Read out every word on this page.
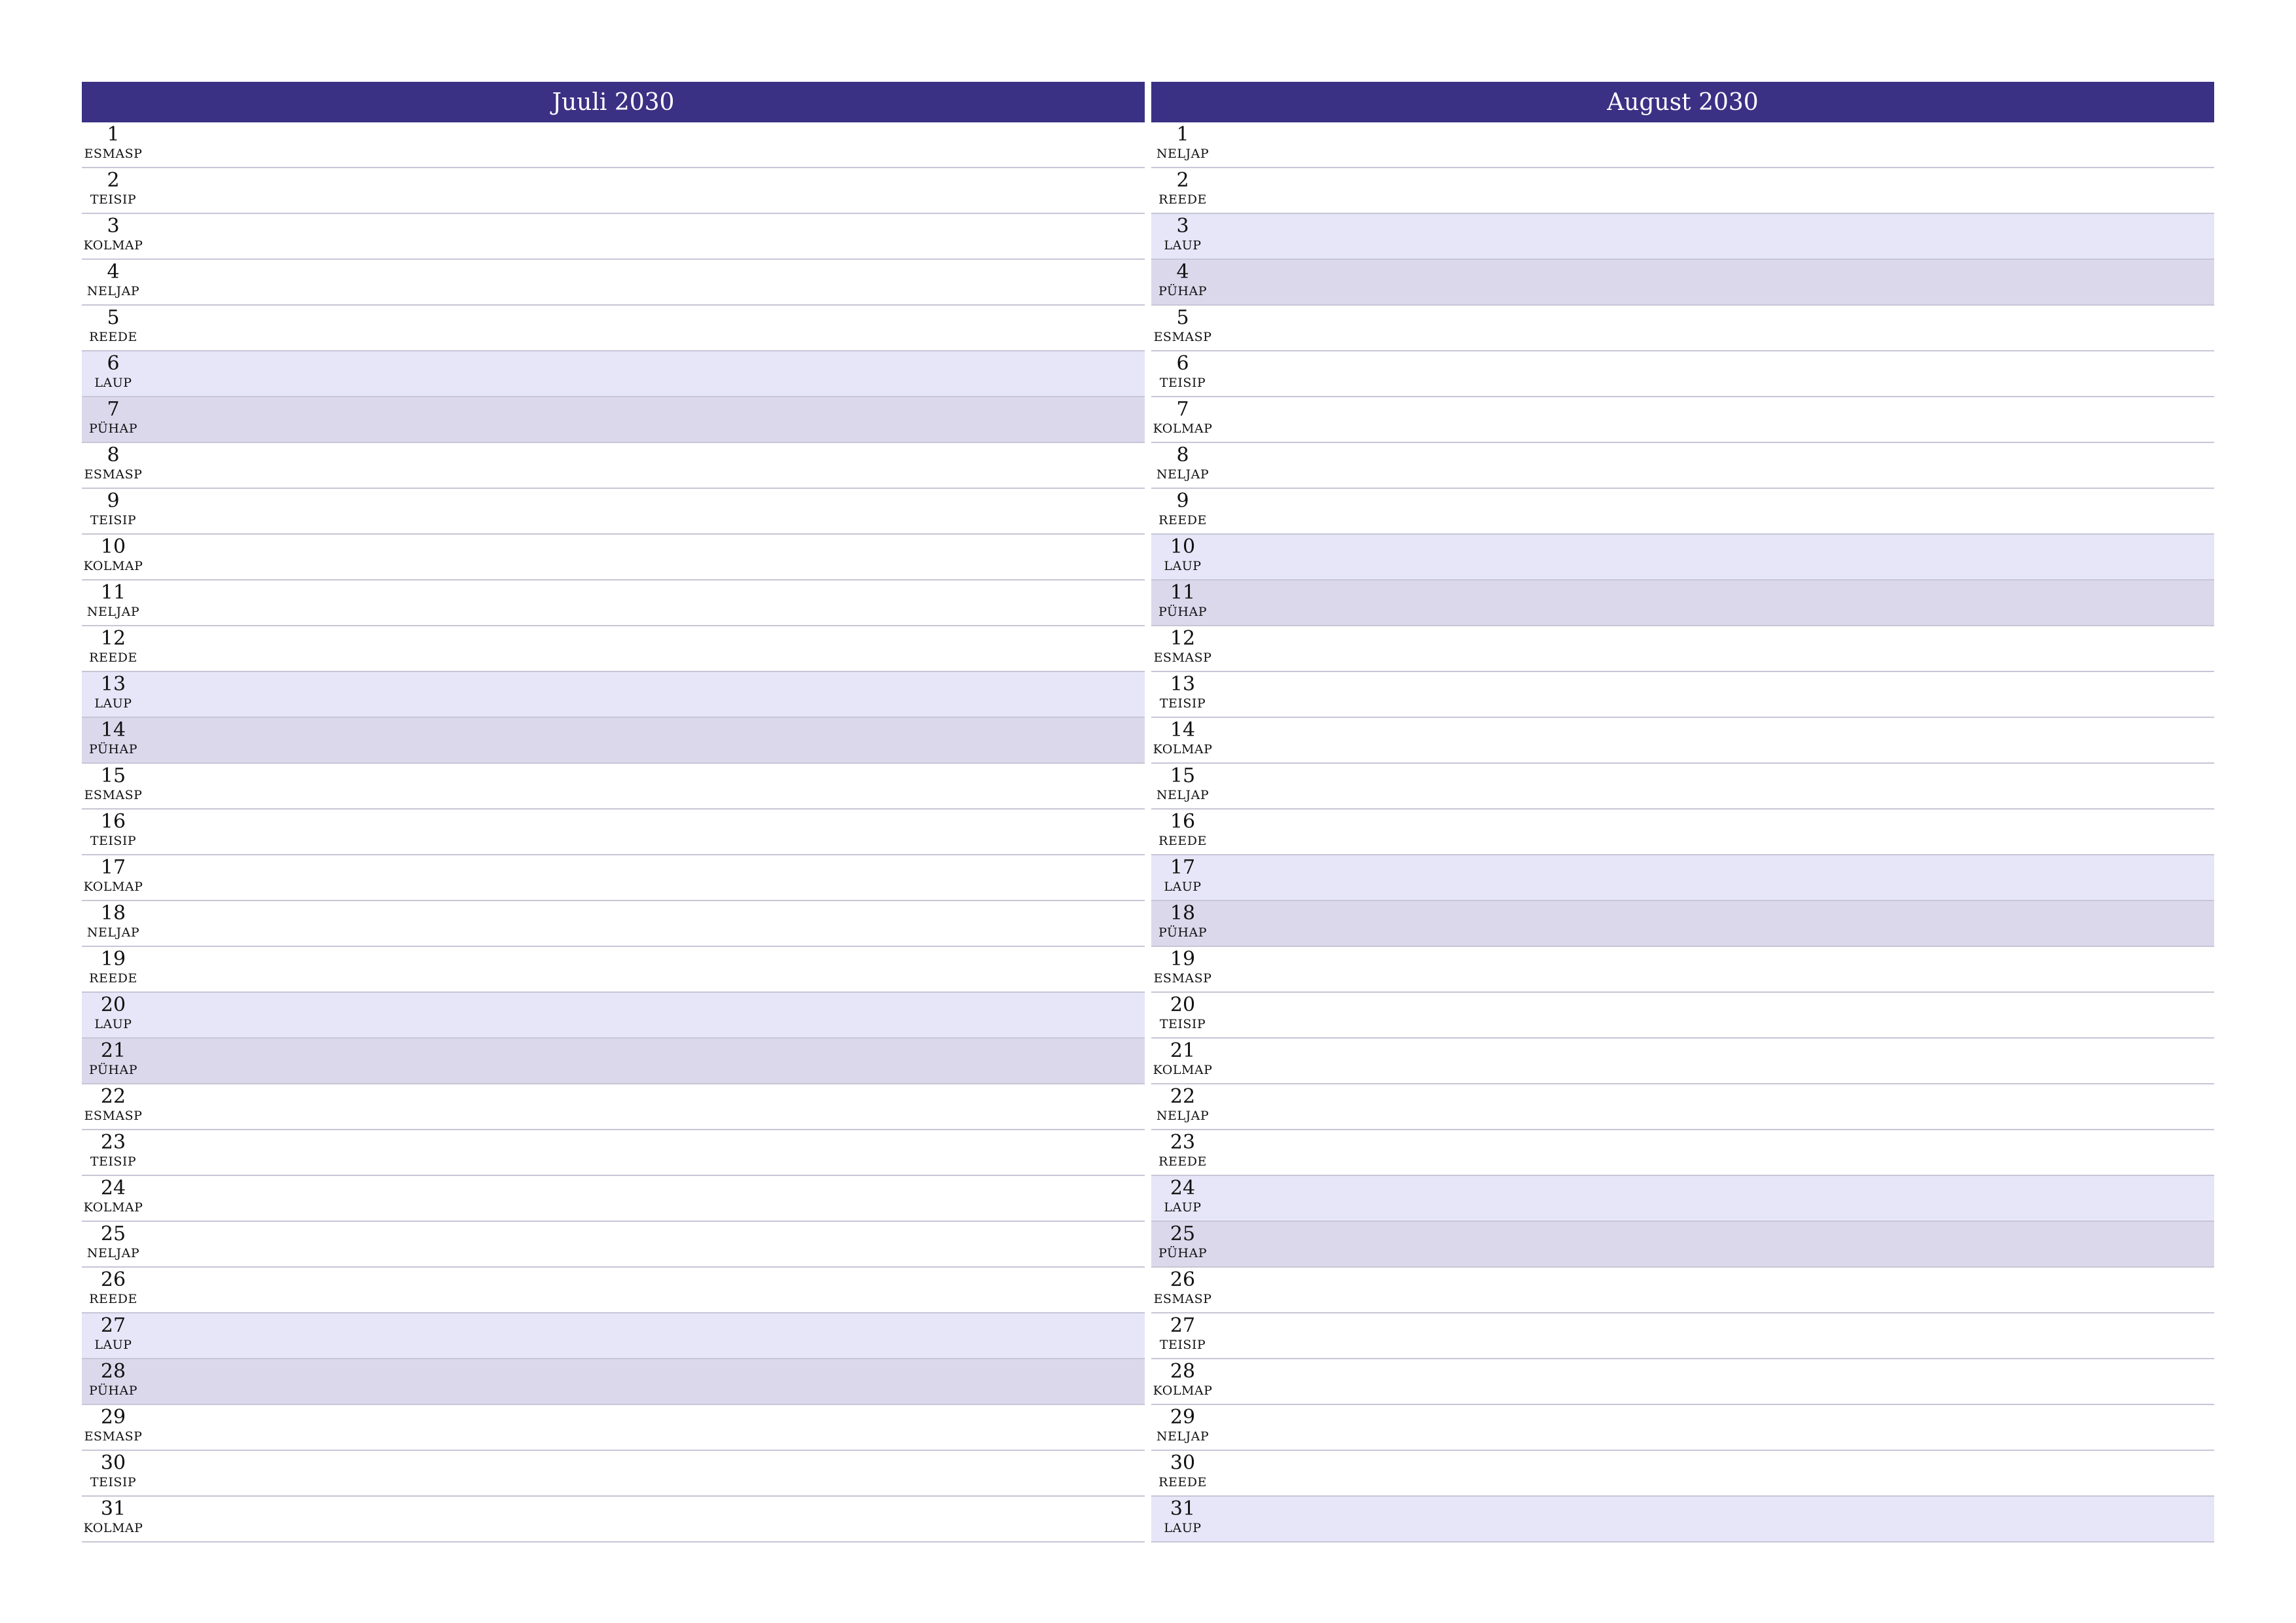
Juuli 2030
1
ESMASP
2
TEISIP
3
KOLMAP
4
NELJAP
5
REEDE
6
LAUP
7
PÜHAP
8
ESMASP
9
TEISIP
10
KOLMAP
11
NELJAP
12
REEDE
13
LAUP
14
PÜHAP
15
ESMASP
16
TEISIP
17
KOLMAP
18
NELJAP
19
REEDE
20
LAUP
21
PÜHAP
22
ESMASP
23
TEISIP
24
KOLMAP
25
NELJAP
26
REEDE
27
LAUP
28
PÜHAP
29
ESMASP
30
TEISIP
31
KOLMAP
August 2030
1
NELJAP
2
REEDE
3
LAUP
4
PÜHAP
5
ESMASP
6
TEISIP
7
KOLMAP
8
NELJAP
9
REEDE
10
LAUP
11
PÜHAP
12
ESMASP
13
TEISIP
14
KOLMAP
15
NELJAP
16
REEDE
17
LAUP
18
PÜHAP
19
ESMASP
20
TEISIP
21
KOLMAP
22
NELJAP
23
REEDE
24
LAUP
25
PÜHAP
26
ESMASP
27
TEISIP
28
KOLMAP
29
NELJAP
30
REEDE
31
LAUP
